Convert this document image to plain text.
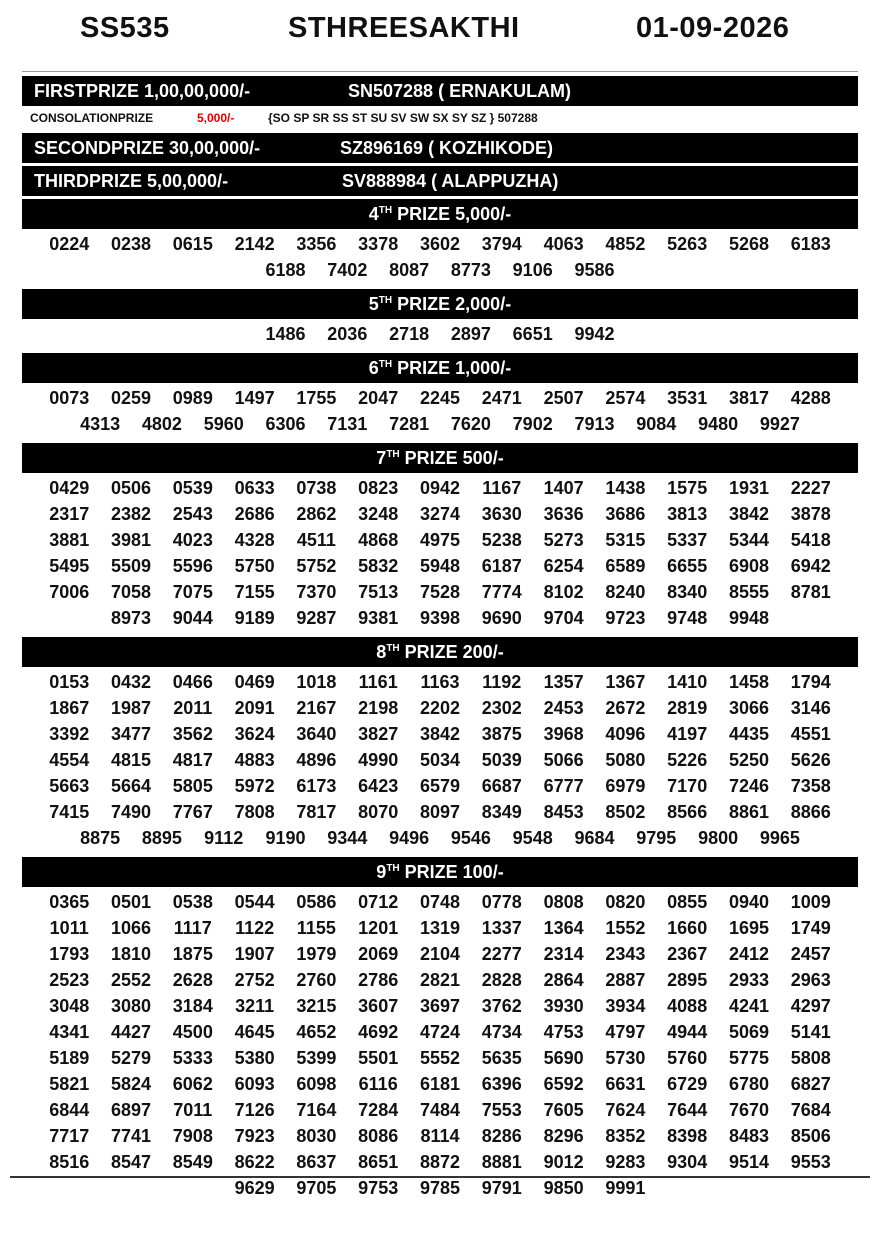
SS535	STHREESAKTHI	01-09-2026
FIRSTPRIZE 1,00,00,000/-	SN507288 ( ERNAKULAM)
CONSOLATIONPRIZE	5,000/-	{SO SP SR SS ST SU SV SW SX SY SZ } 507288
SECONDPRIZE 30,00,000/-	SZ896169 ( KOZHIKODE)
THIRDPRIZE 5,00,000/-	SV888984 ( ALAPPUZHA)
4TH PRIZE 5,000/-
0224	0238	0615	2142	3356	3378	3602	3794	4063	4852	5263	5268	6183
6188	7402	8087	8773	9106	9586
5TH PRIZE 2,000/-
1486	2036	2718	2897	6651	9942
6TH PRIZE 1,000/-
0073	0259	0989	1497	1755	2047	2245	2471	2507	2574	3531	3817	4288
4313	4802	5960	6306	7131	7281	7620	7902	7913	9084	9480	9927
7TH PRIZE 500/-
0429	0506	0539	0633	0738	0823	0942	1167	1407	1438	1575	1931	2227
2317	2382	2543	2686	2862	3248	3274	3630	3636	3686	3813	3842	3878
3881	3981	4023	4328	4511	4868	4975	5238	5273	5315	5337	5344	5418
5495	5509	5596	5750	5752	5832	5948	6187	6254	6589	6655	6908	6942
7006	7058	7075	7155	7370	7513	7528	7774	8102	8240	8340	8555	8781
8973	9044	9189	9287	9381	9398	9690	9704	9723	9748	9948
8TH PRIZE 200/-
0153	0432	0466	0469	1018	1161	1163	1192	1357	1367	1410	1458	1794
1867	1987	2011	2091	2167	2198	2202	2302	2453	2672	2819	3066	3146
3392	3477	3562	3624	3640	3827	3842	3875	3968	4096	4197	4435	4551
4554	4815	4817	4883	4896	4990	5034	5039	5066	5080	5226	5250	5626
5663	5664	5805	5972	6173	6423	6579	6687	6777	6979	7170	7246	7358
7415	7490	7767	7808	7817	8070	8097	8349	8453	8502	8566	8861	8866
8875	8895	9112	9190	9344	9496	9546	9548	9684	9795	9800	9965
9TH PRIZE 100/-
0365	0501	0538	0544	0586	0712	0748	0778	0808	0820	0855	0940	1009
1011	1066	1117	1122	1155	1201	1319	1337	1364	1552	1660	1695	1749
1793	1810	1875	1907	1979	2069	2104	2277	2314	2343	2367	2412	2457
2523	2552	2628	2752	2760	2786	2821	2828	2864	2887	2895	2933	2963
3048	3080	3184	3211	3215	3607	3697	3762	3930	3934	4088	4241	4297
4341	4427	4500	4645	4652	4692	4724	4734	4753	4797	4944	5069	5141
5189	5279	5333	5380	5399	5501	5552	5635	5690	5730	5760	5775	5808
5821	5824	6062	6093	6098	6116	6181	6396	6592	6631	6729	6780	6827
6844	6897	7011	7126	7164	7284	7484	7553	7605	7624	7644	7670	7684
7717	7741	7908	7923	8030	8086	8114	8286	8296	8352	8398	8483	8506
8516	8547	8549	8622	8637	8651	8872	8881	9012	9283	9304	9514	9553
9629	9705	9753	9785	9791	9850	9991
